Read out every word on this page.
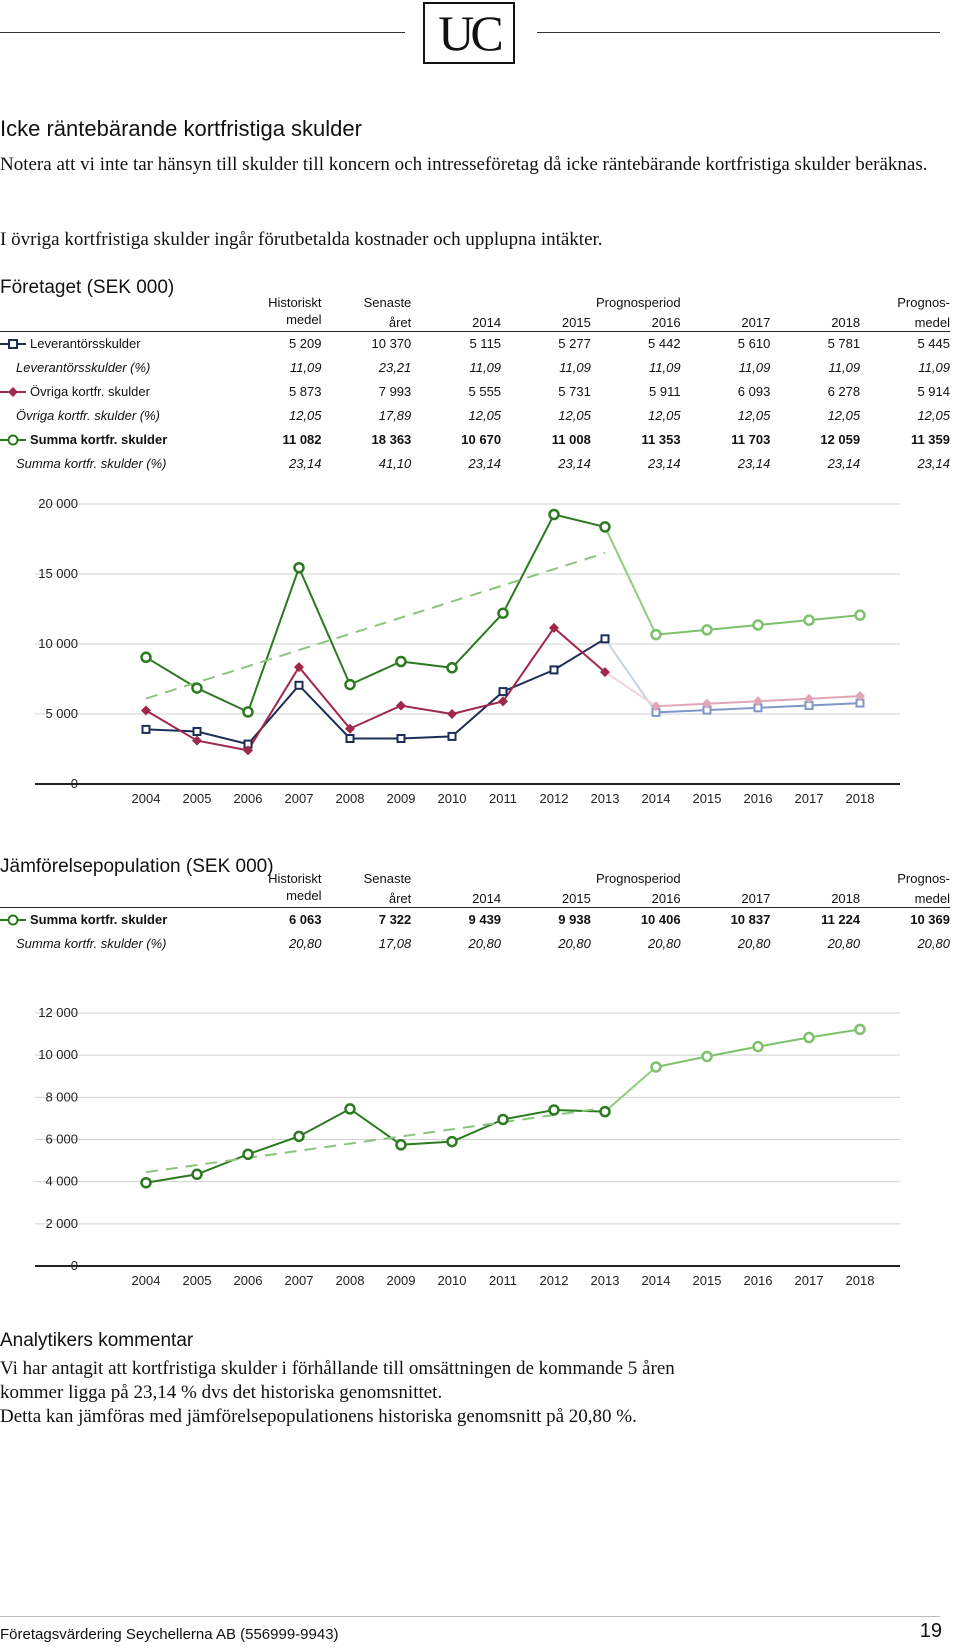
UC
Icke räntebärande kortfristiga skulder
Notera att vi inte tar hänsyn till skulder till koncern och intresseföretag då icke räntebärande kortfristiga skulder beräknas.
I övriga kortfristiga skulder ingår förutbetalda kostnader och upplupna intäkter.
Företaget (SEK 000)
	Historiskt	Senaste			Prognosperiod			Prognos-
	medel	året	2014	2015	2016	2017	2018	medel
Leverantörsskulder	5 209	10 370	5 115	5 277	5 442	5 610	5 781	5 445
Leverantörsskulder (%)	11,09	23,21	11,09	11,09	11,09	11,09	11,09	11,09
Övriga kortfr. skulder	5 873	7 993	5 555	5 731	5 911	6 093	6 278	5 914
Övriga kortfr. skulder (%)	12,05	17,89	12,05	12,05	12,05	12,05	12,05	12,05
Summa kortfr. skulder	11 082	18 363	10 670	11 008	11 353	11 703	12 059	11 359
Summa kortfr. skulder (%)	23,14	41,10	23,14	23,14	23,14	23,14	23,14	23,14
0
5 000
10 000
15 000
20 000
2004 2005 2006 2007 2008 2009 2010 2011 2012 2013 2014 2015 2016 2017 2018
Jämförelsepopulation (SEK 000)
	Historiskt	Senaste			Prognosperiod			Prognos-
	medel	året	2014	2015	2016	2017	2018	medel
Summa kortfr. skulder	6 063	7 322	9 439	9 938	10 406	10 837	11 224	10 369
Summa kortfr. skulder (%)	20,80	17,08	20,80	20,80	20,80	20,80	20,80	20,80
0
2 000
4 000
6 000
8 000
10 000
12 000
2004 2005 2006 2007 2008 2009 2010 2011 2012 2013 2014 2015 2016 2017 2018
Analytikers kommentar
Vi har antagit att kortfristiga skulder i förhållande till omsättningen de kommande 5 åren
kommer ligga på 23,14 % dvs det historiska genomsnittet.
Detta kan jämföras med jämförelsepopulationens historiska genomsnitt på 20,80 %.
Företagsvärdering Seychellerna AB (556999-9943)	19
